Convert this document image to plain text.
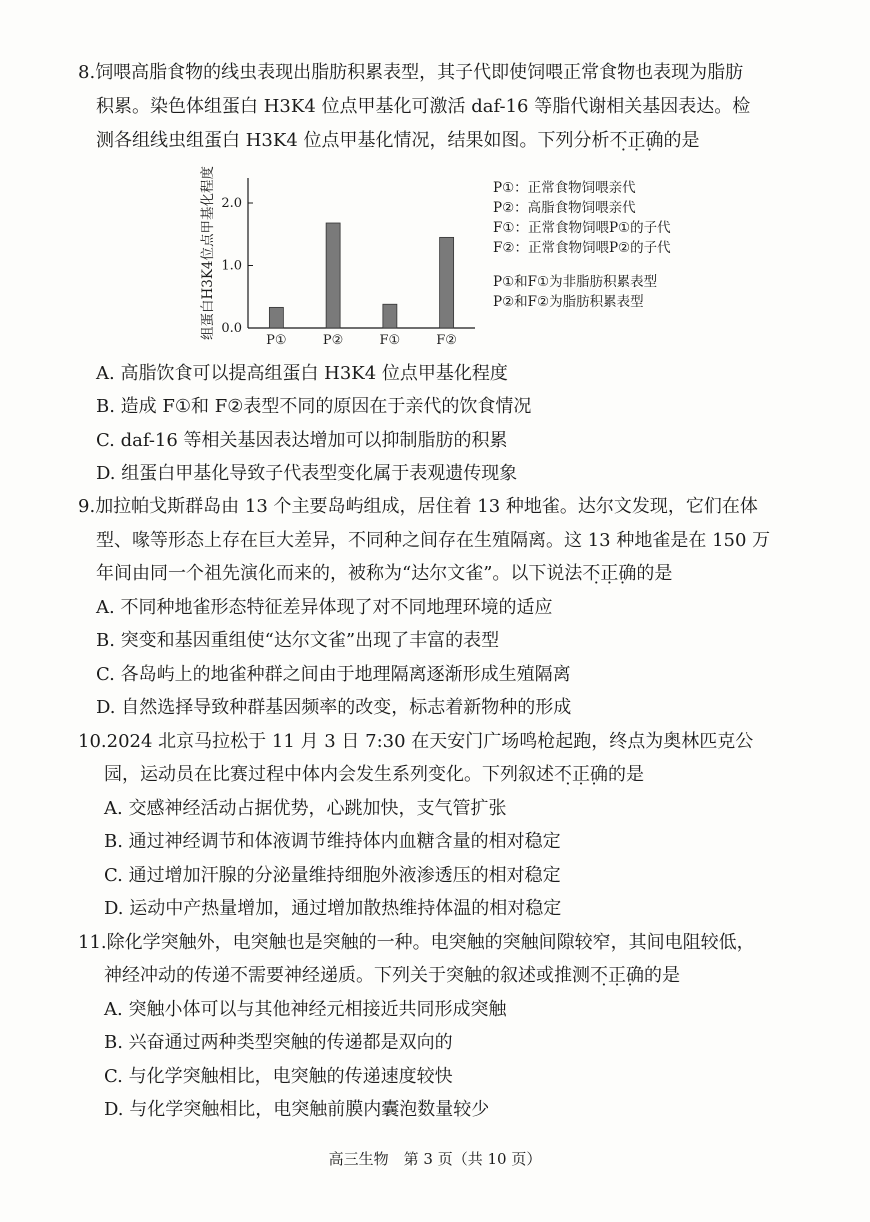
8.饲喂高脂食物的线虫表现出脂肪积累表型，其子代即使饲喂正常食物也表现为脂肪
积累。染色体组蛋白 H3K4 位点甲基化可激活 daf-16 等脂代谢相关基因表达。检
测各组线虫组蛋白 H3K4 位点甲基化情况，结果如图。下列分析不正确 · · ·的是
组蛋白H3K4位点甲基化程度 0.0
1.0
2.0
P①	P②	F①	F②
P①：正常食物饲喂亲代
P②：高脂食物饲喂亲代
F①：正常食物饲喂P①的子代
F②：正常食物饲喂P②的子代
P①和F①为非脂肪积累表型
P②和F②为脂肪积累表型
A. 高脂饮食可以提高组蛋白 H3K4 位点甲基化程度
B. 造成 F①和 F②表型不同的原因在于亲代的饮食情况
C. daf-16 等相关基因表达增加可以抑制脂肪的积累
D. 组蛋白甲基化导致子代表型变化属于表观遗传现象
9.加拉帕戈斯群岛由 13 个主要岛屿组成，居住着 13 种地雀。达尔文发现，它们在体
型、喙等形态上存在巨大差异，不同种之间存在生殖隔离。这 13 种地雀是在 150 万
年间由同一个祖先演化而来的，被称为“达尔文雀”。以下说法不正确 · · ·的是
A. 不同种地雀形态特征差异体现了对不同地理环境的适应
B. 突变和基因重组使“达尔文雀”出现了丰富的表型
C. 各岛屿上的地雀种群之间由于地理隔离逐渐形成生殖隔离
D. 自然选择导致种群基因频率的改变，标志着新物种的形成
10.2024 北京马拉松于 11 月 3 日 7:30 在天安门广场鸣枪起跑，终点为奥林匹克公
园，运动员在比赛过程中体内会发生系列变化。下列叙述不正确 · · ·的是
A. 交感神经活动占据优势，心跳加快，支气管扩张
B. 通过神经调节和体液调节维持体内血糖含量的相对稳定
C. 通过增加汗腺的分泌量维持细胞外液渗透压的相对稳定
D. 运动中产热量增加，通过增加散热维持体温的相对稳定
11.除化学突触外，电突触也是突触的一种。电突触的突触间隙较窄，其间电阻较低，
神经冲动的传递不需要神经递质。下列关于突触的叙述或推测不正确 · · ·的是
A. 突触小体可以与其他神经元相接近共同形成突触
B. 兴奋通过两种类型突触的传递都是双向的
C. 与化学突触相比，电突触的传递速度较快
D. 与化学突触相比，电突触前膜内囊泡数量较少
高三生物　第 3 页（共 10 页）
